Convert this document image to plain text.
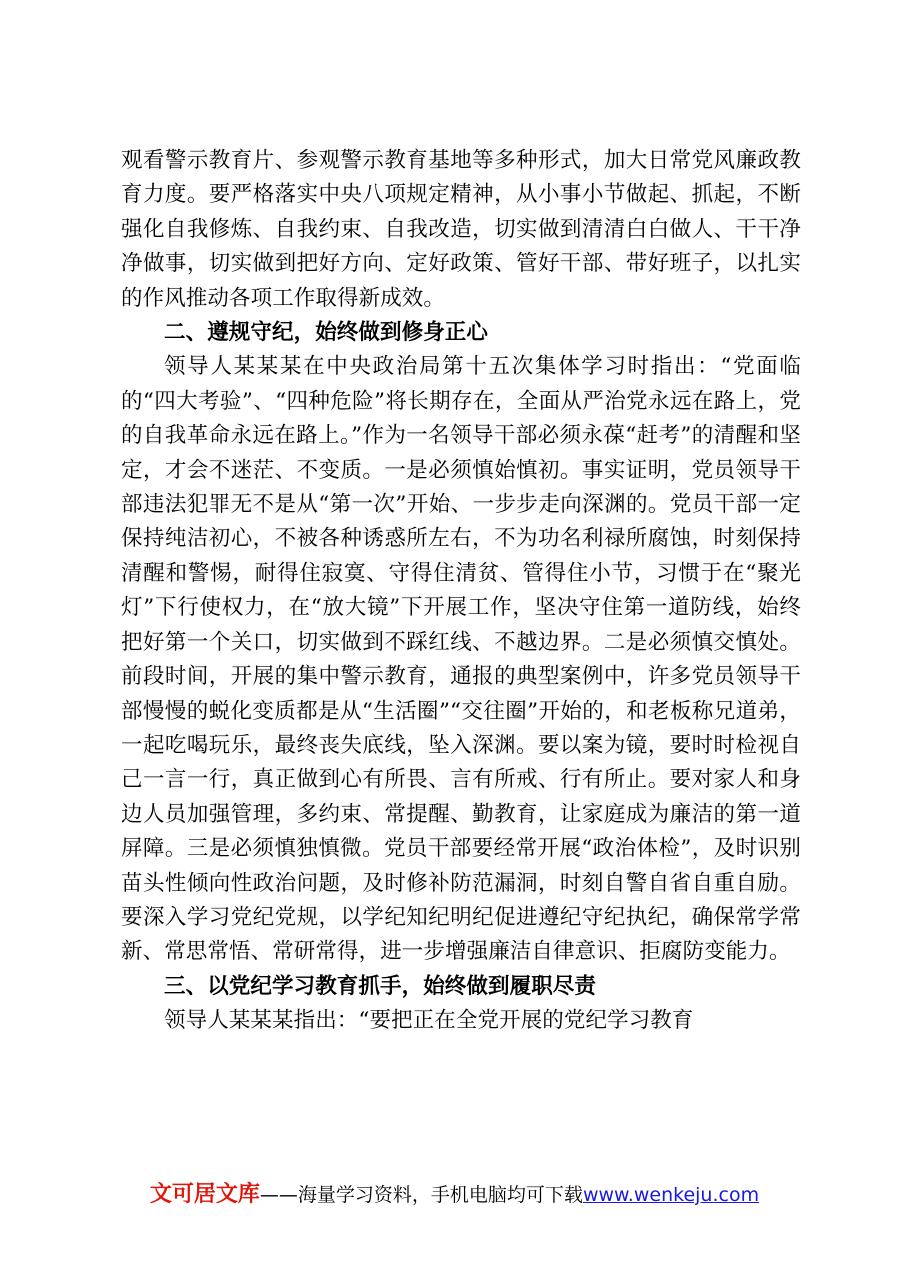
观看警示教育片、参观警示教育基地等多种形式，加大日常党风廉政教育力度。要严格落实中央八项规定精神，从小事小节做起、抓起，不断强化自我修炼、自我约束、自我改造，切实做到清清白白做人、干干净净做事，切实做到把好方向、定好政策、管好干部、带好班子，以扎实的作风推动各项工作取得新成效。

二、遵规守纪，始终做到修身正心

领导人某某某在中央政治局第十五次集体学习时指出：“党面临的“四大考验”、“四种危险”将长期存在，全面从严治党永远在路上，党的自我革命永远在路上。”作为一名领导干部必须永葆“赶考”的清醒和坚定，才会不迷茫、不变质。一是必须慎始慎初。事实证明，党员领导干部违法犯罪无不是从“第一次”开始、一步步走向深渊的。党员干部一定保持纯洁初心，不被各种诱惑所左右，不为功名利禄所腐蚀，时刻保持清醒和警惕，耐得住寂寞、守得住清贫、管得住小节，习惯于在“聚光灯”下行使权力，在“放大镜”下开展工作，坚决守住第一道防线，始终把好第一个关口，切实做到不踩红线、不越边界。二是必须慎交慎处。前段时间，开展的集中警示教育，通报的典型案例中，许多党员领导干部慢慢的蜕化变质都是从“生活圈”“交往圈”开始的，和老板称兄道弟，一起吃喝玩乐，最终丧失底线，坠入深渊。要以案为镜，要时时检视自己一言一行，真正做到心有所畏、言有所戒、行有所止。要对家人和身边人员加强管理，多约束、常提醒、勤教育，让家庭成为廉洁的第一道屏障。三是必须慎独慎微。党员干部要经常开展“政治体检”，及时识别苗头性倾向性政治问题，及时修补防范漏洞，时刻自警自省自重自励。要深入学习党纪党规，以学纪知纪明纪促进遵纪守纪执纪，确保常学常新、常思常悟、常研常得，进一步增强廉洁自律意识、拒腐防变能力。

三、以党纪学习教育抓手，始终做到履职尽责

领导人某某某指出：“要把正在全党开展的党纪学习教育

文可居文库——海量学习资料，手机电脑均可下载www.wenkeju.com
